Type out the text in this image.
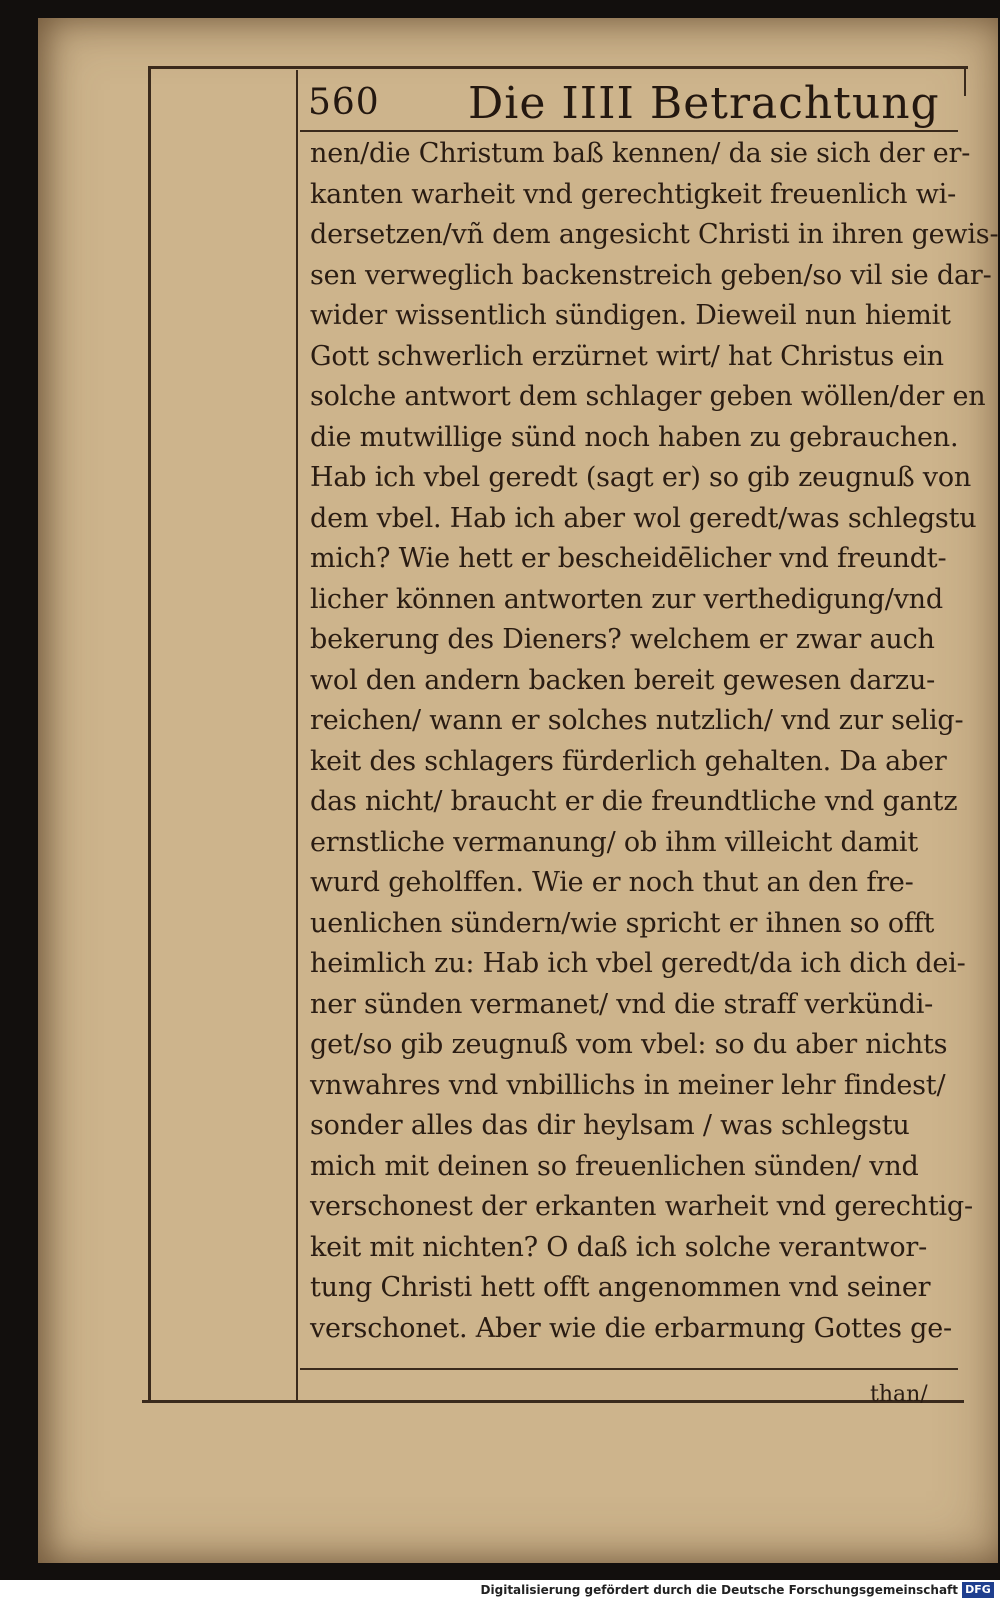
560 Die IIII Betrachtung
nen/die Christum baß kennen/ da sie sich der er-
kanten warheit vnd gerechtigkeit freuenlich wi-
dersetzen/vñ dem angesicht Christi in ihren gewis-
sen verweglich backenstreich geben/so vil sie dar-
wider wissentlich sündigen. Dieweil nun hiemit
Gott schwerlich erzürnet wirt/ hat Christus ein
solche antwort dem schlager geben wöllen/der en
die mutwillige sünd noch haben zu gebrauchen.
Hab ich vbel geredt (sagt er) so gib zeugnuß von
dem vbel. Hab ich aber wol geredt/was schlegstu
mich? Wie hett er bescheidēlicher vnd freundt-
licher können antworten zur verthedigung/vnd
bekerung des Dieners? welchem er zwar auch
wol den andern backen bereit gewesen darzu-
reichen/ wann er solches nutzlich/ vnd zur selig-
keit des schlagers fürderlich gehalten. Da aber
das nicht/ braucht er die freundtliche vnd gantz
ernstliche vermanung/ ob ihm villeicht damit
wurd geholffen. Wie er noch thut an den fre-
uenlichen sündern/wie spricht er ihnen so offt
heimlich zu: Hab ich vbel geredt/da ich dich dei-
ner sünden vermanet/ vnd die straff verkündi-
get/so gib zeugnuß vom vbel: so du aber nichts
vnwahres vnd vnbillichs in meiner lehr findest/
sonder alles das dir heylsam / was schlegstu
mich mit deinen so freuenlichen sünden/ vnd
verschonest der erkanten warheit vnd gerechtig-
keit mit nichten? O daß ich solche verantwor-
tung Christi hett offt angenommen vnd seiner
verschonet. Aber wie die erbarmung Gottes ge-
than/
Digitalisierung gefördert durch die Deutsche Forschungsgemeinschaft DFG
